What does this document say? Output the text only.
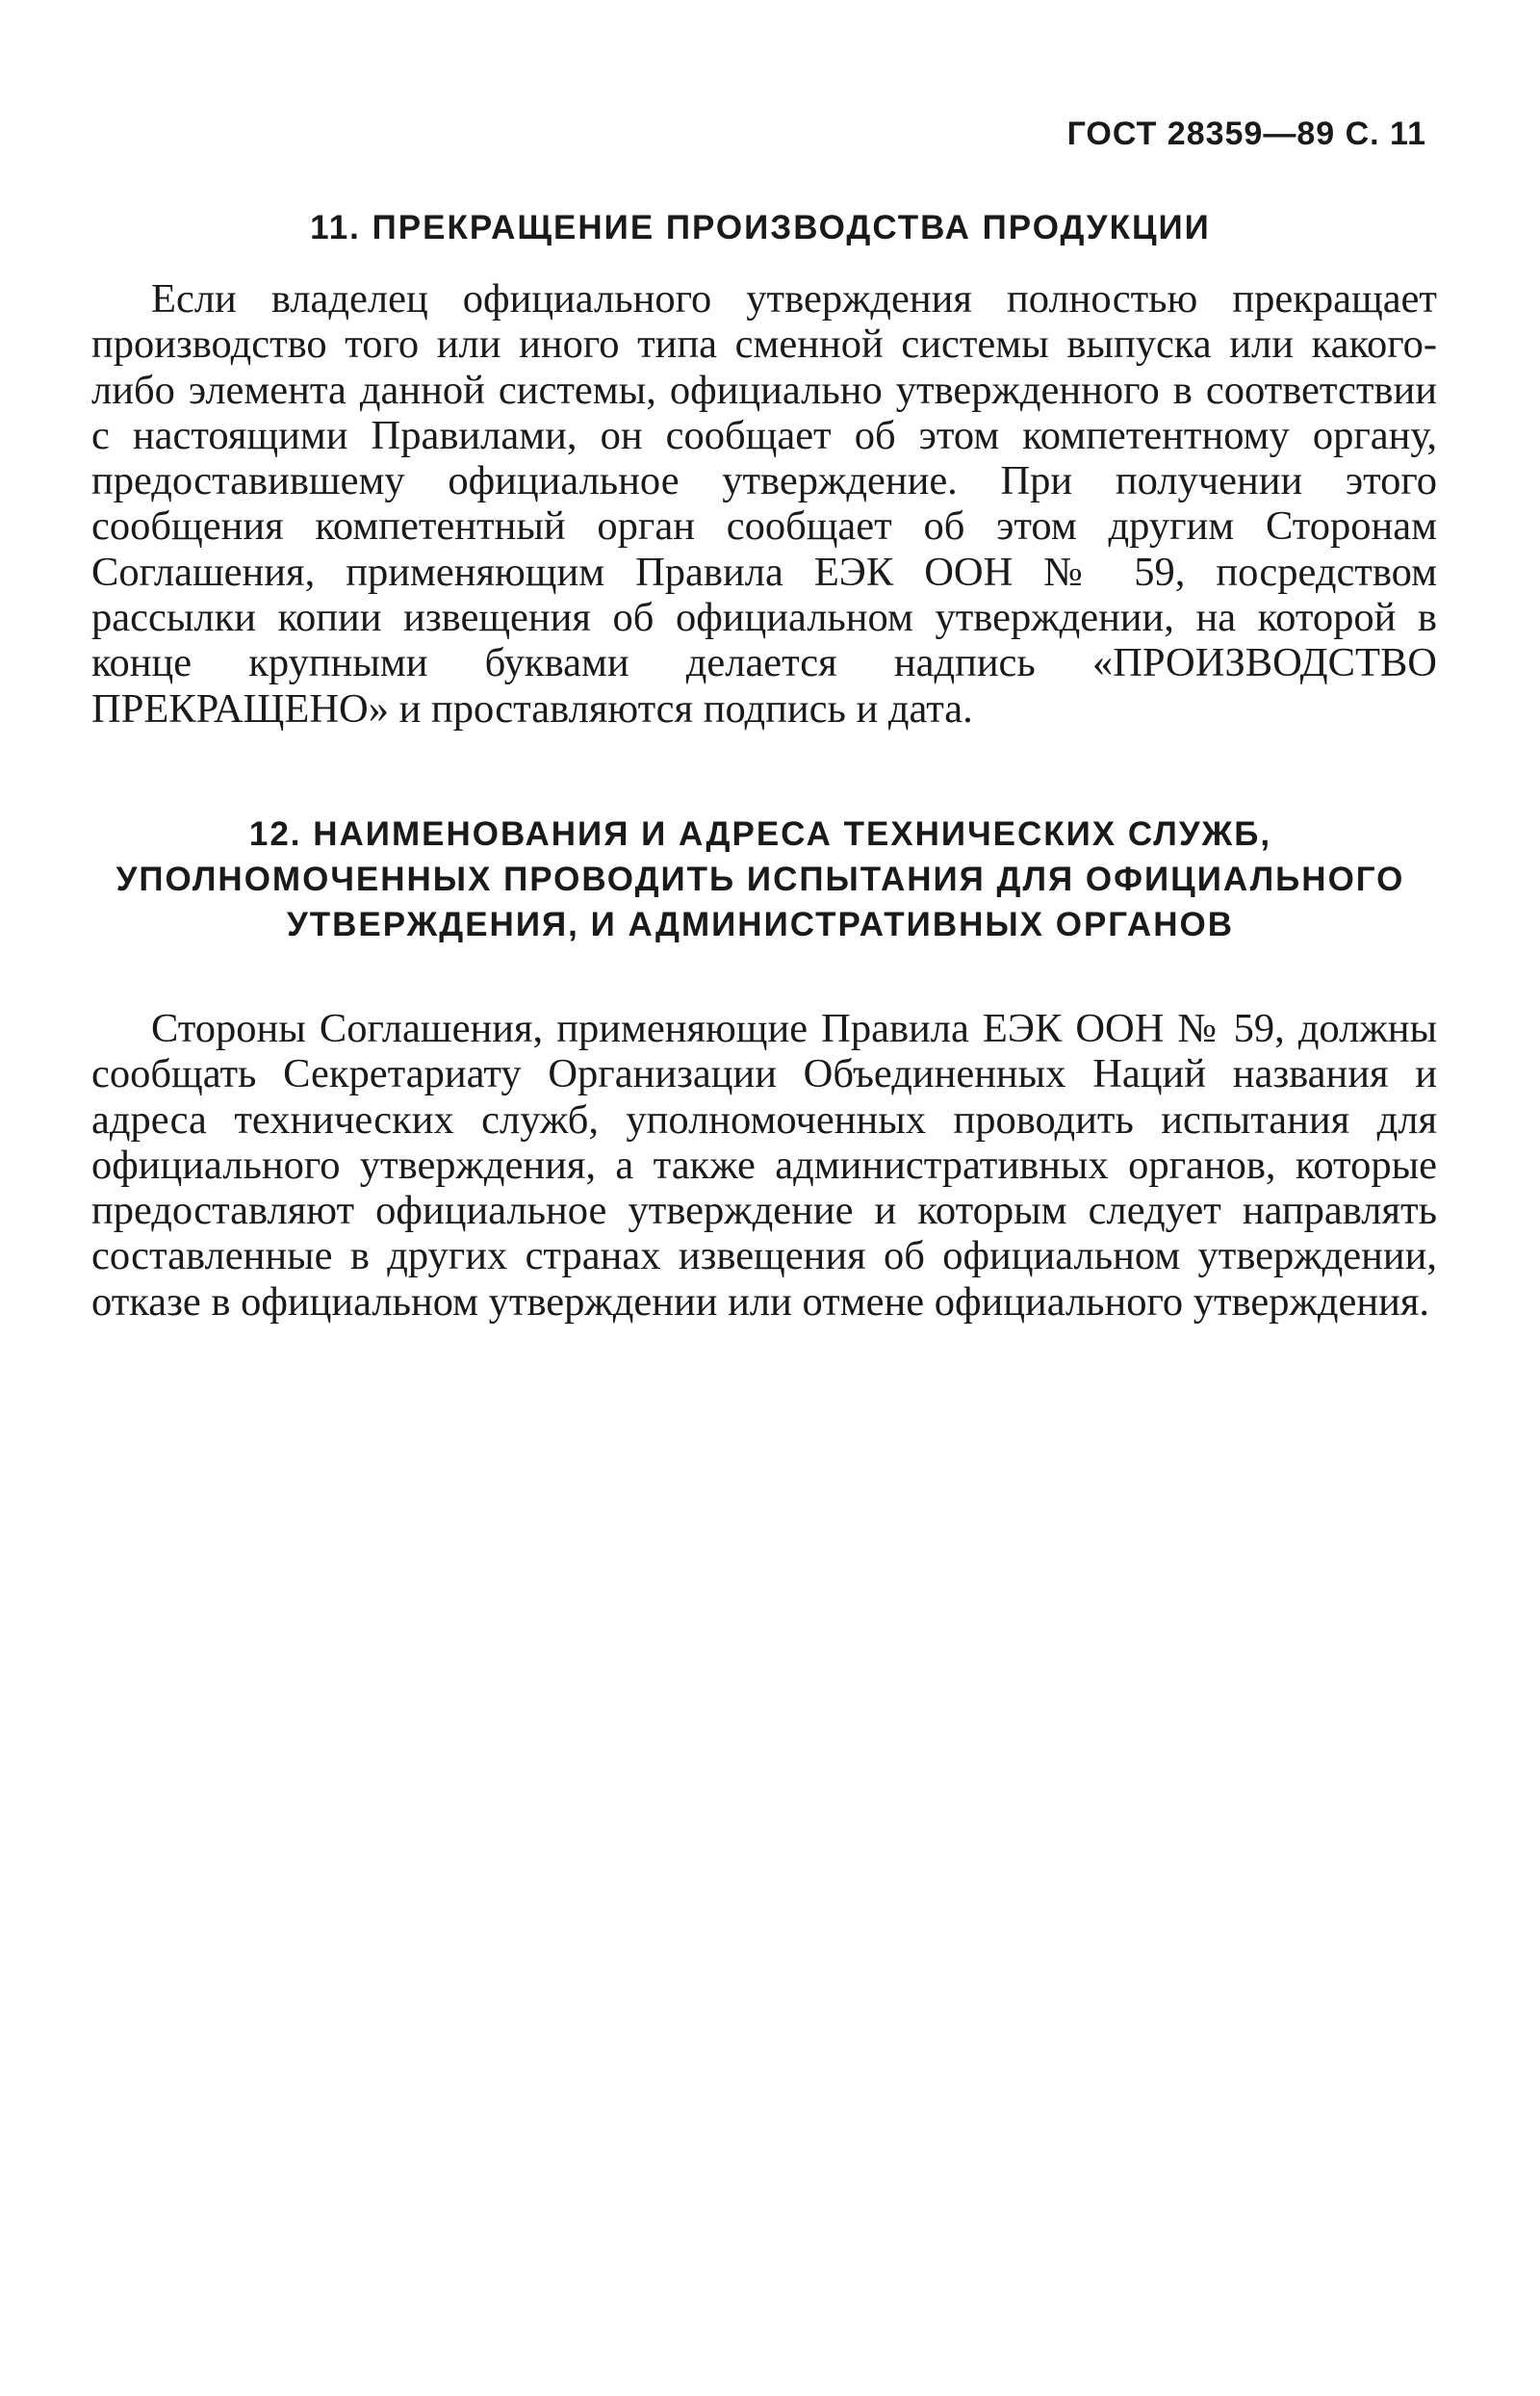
ГОСТ 28359—89 С. 11
11. ПРЕКРАЩЕНИЕ ПРОИЗВОДСТВА ПРОДУКЦИИ

Если владелец официального утверждения полностью прекращает производство того или иного типа сменной системы выпуска или какого-либо элемента данной системы, официально утвержденного в соответствии с настоящими Правилами, он сообщает об этом компетентному органу, предоставившему официальное утверждение. При получении этого сообщения компетентный орган сообщает об этом другим Сторонам Соглашения, применяющим Правила ЕЭК ООН № 59, посредством рассылки копии извещения об официальном утверждении, на которой в конце крупными буквами делается надпись «ПРОИЗВОДСТВО ПРЕКРАЩЕНО» и проставляются подпись и дата.

12. НАИМЕНОВАНИЯ И АДРЕСА ТЕХНИЧЕСКИХ СЛУЖБ, УПОЛНОМОЧЕННЫХ ПРОВОДИТЬ ИСПЫТАНИЯ ДЛЯ ОФИЦИАЛЬНОГО УТВЕРЖДЕНИЯ, И АДМИНИСТРАТИВНЫХ ОРГАНОВ

Стороны Соглашения, применяющие Правила ЕЭК ООН № 59, должны сообщать Секретариату Организации Объединенных Наций названия и адреса технических служб, уполномоченных проводить испытания для официального утверждения, а также административных органов, которые предоставляют официальное утверждение и которым следует направлять составленные в других странах извещения об официальном утверждении, отказе в официальном утверждении или отмене официального утверждения.
